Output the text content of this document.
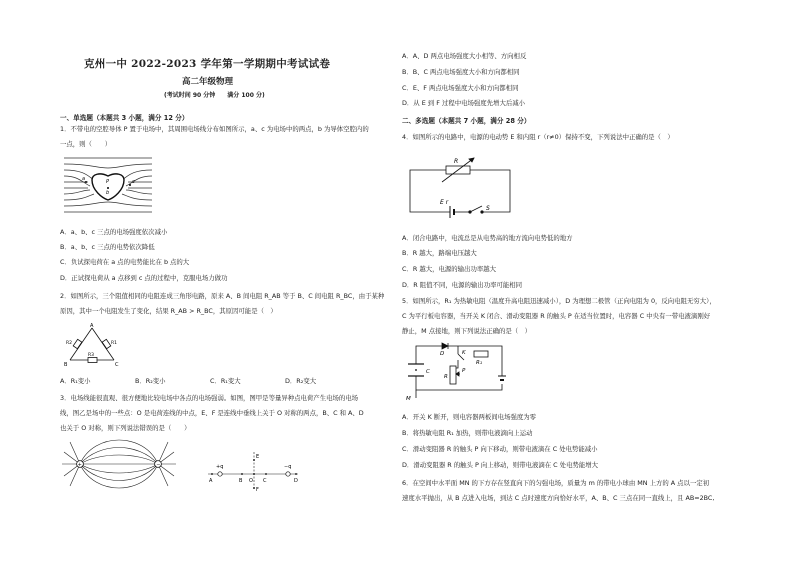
克州一中 2022-2023 学年第一学期期中考试试卷
高二年级物理
(考试时间 90 分钟　　满分 100 分)
一、单选题（本题共 3 小题，满分 12 分）
1．不带电的空腔导体 P 置于电场中，其周围电场线分布如图所示，a、c 为电场中的两点，b 为导体空腔内的
一点，则（　　）
a	c
b
P
A．a、b、c 三点的电场强度依次减小
B．a、b、c 三点的电势依次降低
C．负试探电荷在 a 点的电势能比在 b 点的大
D．正试探电荷从 a 点移到 c 点的过程中，克服电场力做功
2．如图所示，三个阻值相同的电阻连成三角形电路，原来 A、B 间电阻 R_AB 等于 B、C 间电阻 R_BC，由于某种
原因，其中一个电阻发生了变化，结果 R_AB > R_BC，其原因可能是（　）
A
B	C
R2	R1
R3
A．R₁变小	B．R₂变小	C．R₁变大	D．R₂变大
3．电场线能很直观、很方便地比较电场中各点的电场强弱。如图，图甲是等量异种点电荷产生电场的电场
线，图乙是场中的一些点：O 是电荷连线的中点，E、F 是连线中垂线上关于 O 对称的两点，B、C 和 A、D
也关于 O 对称，则下列说法错误的是（　　）
+	−	+q	−q
A	B O C	D
E
F
A．A、D 两点电场强度大小相等、方向相反
B．B、C 两点电场强度大小和方向都相同
C．E、F 两点电场强度大小和方向都相同
D．从 E 到 F 过程中电场强度先增大后减小
二、多选题（本题共 7 小题，满分 28 分）
4．如图所示的电路中，电源的电动势 E 和内阻 r（r≠0）保持不变，下列说法中正确的是（　）
R
E r
S
A．闭合电路中，电流总是从电势高的地方流向电势低的地方
B．R 越大，路端电压越大
C．R 越大，电源的输出功率越大
D．R 阻值不同，电源的输出功率可能相同
5．如图所示，R₁ 为热敏电阻（温度升高电阻迅速减小），D 为理想二极管（正向电阻为 0，反向电阻无穷大），
C 为平行板电容器，当开关 K 闭合、滑动变阻器 R 的触头 P 在适当位置时，电容器 C 中央有一带电液滴刚好
静止，M 点接地，则下列说法正确的是（　）
D	K
R₁
C
R
P
M
A．开关 K 断开，则电容器两板间电场强度为零
B．将热敏电阻 R₁ 加热，则带电液滴向上运动
C．滑动变阻器 R 的触头 P 向下移动，则带电液滴在 C 处电势能减小
D．滑动变阻器 R 的触头 P 向上移动，则带电液滴在 C 处电势能增大
6．在空间中水平面 MN 的下方存在竖直向下的匀强电场，质量为 m 的带电小球由 MN 上方的 A 点以一定初
速度水平抛出，从 B 点进入电场，到达 C 点时速度方向恰好水平，A、B、C 三点在同一直线上，且 AB=2BC,
